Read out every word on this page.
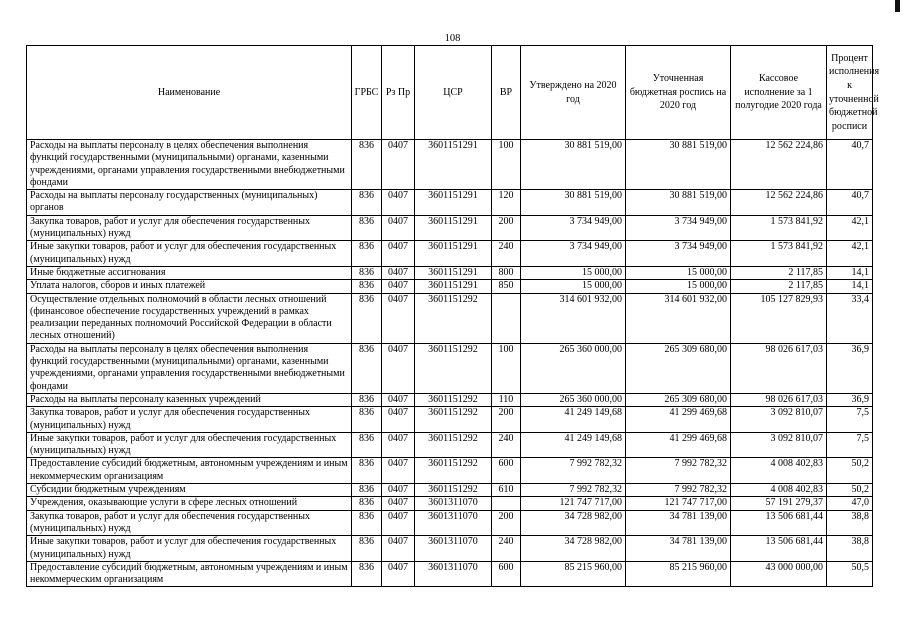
108
Наименование	ГРБС	Рз Пр	ЦСР	ВР	Утверждено на 2020 год	Уточненная бюджетная роспись на 2020 год	Кассовое исполнение за 1 полугодие 2020 года	Процент исполнения к уточненной бюджетной росписи
Расходы на выплаты персоналу в целях обеспечения выполнения функций государственными (муниципальными) органами, казенными учреждениями, органами управления государственными внебюджетными фондами	836	0407	3601151291	100	30 881 519,00	30 881 519,00	12 562 224,86	40,7
Расходы на выплаты персоналу государственных (муниципальных) органов	836	0407	3601151291	120	30 881 519,00	30 881 519,00	12 562 224,86	40,7
Закупка товаров, работ и услуг для обеспечения государственных (муниципальных) нужд	836	0407	3601151291	200	3 734 949,00	3 734 949,00	1 573 841,92	42,1
Иные закупки товаров, работ и услуг для обеспечения государственных (муниципальных) нужд	836	0407	3601151291	240	3 734 949,00	3 734 949,00	1 573 841,92	42,1
Иные бюджетные ассигнования	836	0407	3601151291	800	15 000,00	15 000,00	2 117,85	14,1
Уплата налогов, сборов и иных платежей	836	0407	3601151291	850	15 000,00	15 000,00	2 117,85	14,1
Осуществление отдельных полномочий в области лесных отношений (финансовое обеспечение государственных учреждений в рамках реализации переданных полномочий Российской Федерации в области лесных отношений)	836	0407	3601151292		314 601 932,00	314 601 932,00	105 127 829,93	33,4
Расходы на выплаты персоналу в целях обеспечения выполнения функций государственными (муниципальными) органами, казенными учреждениями, органами управления государственными внебюджетными фондами	836	0407	3601151292	100	265 360 000,00	265 309 680,00	98 026 617,03	36,9
Расходы на выплаты персоналу казенных учреждений	836	0407	3601151292	110	265 360 000,00	265 309 680,00	98 026 617,03	36,9
Закупка товаров, работ и услуг для обеспечения государственных (муниципальных) нужд	836	0407	3601151292	200	41 249 149,68	41 299 469,68	3 092 810,07	7,5
Иные закупки товаров, работ и услуг для обеспечения государственных (муниципальных) нужд	836	0407	3601151292	240	41 249 149,68	41 299 469,68	3 092 810,07	7,5
Предоставление субсидий бюджетным, автономным учреждениям и иным некоммерческим организациям	836	0407	3601151292	600	7 992 782,32	7 992 782,32	4 008 402,83	50,2
Субсидии бюджетным учреждениям	836	0407	3601151292	610	7 992 782,32	7 992 782,32	4 008 402,83	50,2
Учреждения, оказывающие услуги в сфере лесных отношений	836	0407	3601311070		121 747 717,00	121 747 717,00	57 191 279,37	47,0
Закупка товаров, работ и услуг для обеспечения государственных (муниципальных) нужд	836	0407	3601311070	200	34 728 982,00	34 781 139,00	13 506 681,44	38,8
Иные закупки товаров, работ и услуг для обеспечения государственных (муниципальных) нужд	836	0407	3601311070	240	34 728 982,00	34 781 139,00	13 506 681,44	38,8
Предоставление субсидий бюджетным, автономным учреждениям и иным некоммерческим организациям	836	0407	3601311070	600	85 215 960,00	85 215 960,00	43 000 000,00	50,5
